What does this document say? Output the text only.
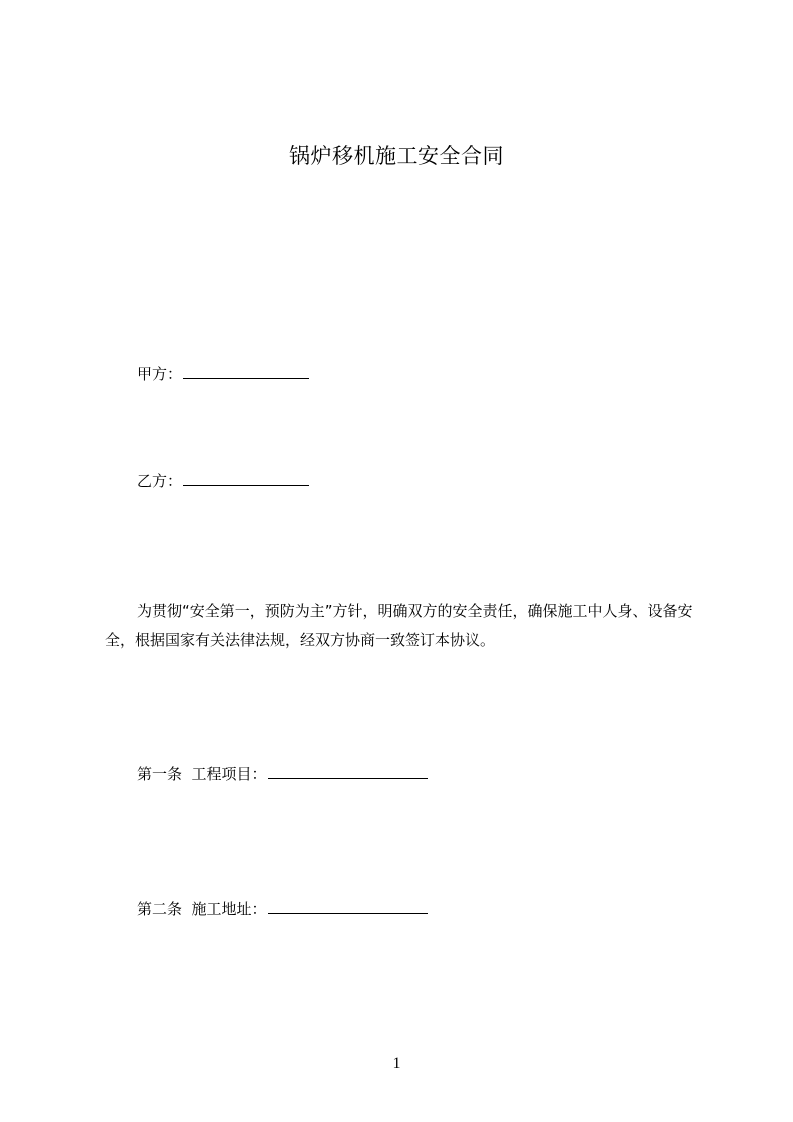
锅炉移机施工安全合同
甲方：
乙方：
为贯彻“安全第一，预防为主”方针，明确双方的安全责任，确保施工中人身、设备安全，根据国家有关法律法规，经双方协商一致签订本协议。
第一条  工程项目：
第二条  施工地址：
1
